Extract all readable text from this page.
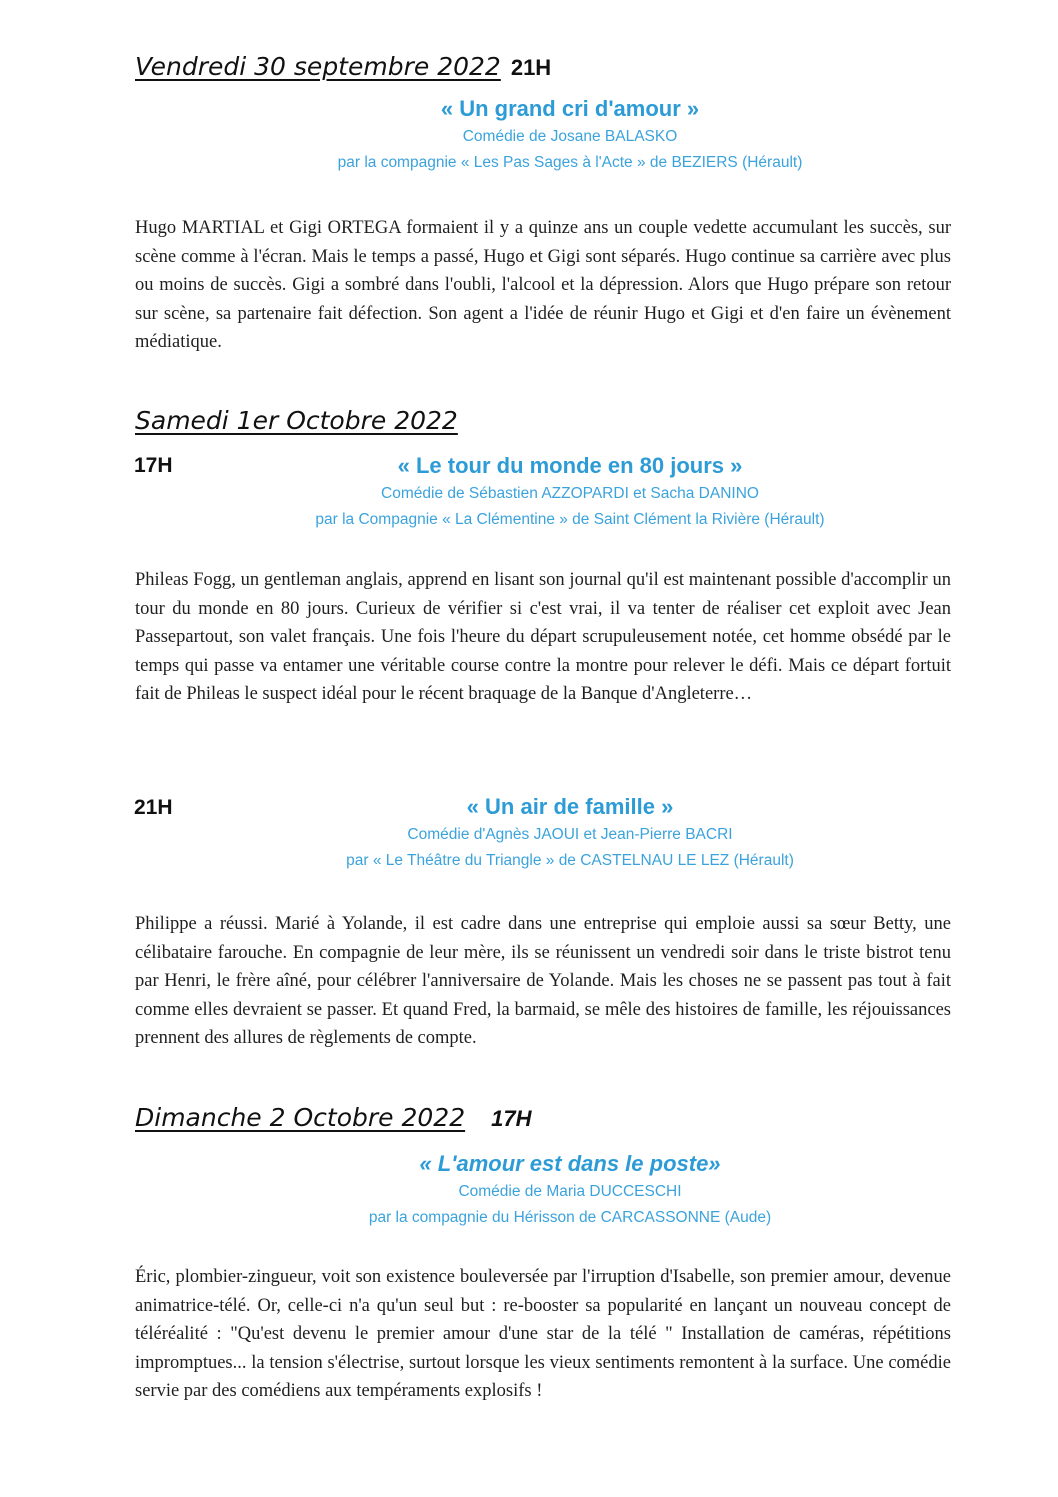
Vendredi 30 septembre 2022 21H
« Un grand cri d'amour »
Comédie de Josane BALASKO
par la compagnie « Les Pas Sages à l'Acte » de BEZIERS (Hérault)
Hugo MARTIAL et Gigi ORTEGA formaient il y a quinze ans un couple vedette accumulant les succès, sur scène comme à l'écran. Mais le temps a passé, Hugo et Gigi sont séparés. Hugo continue sa carrière avec plus ou moins de succès. Gigi a sombré dans l'oubli, l'alcool et la dépression. Alors que Hugo prépare son retour sur scène, sa partenaire fait défection. Son agent a l'idée de réunir Hugo et Gigi et d'en faire un évènement médiatique.
Samedi 1er Octobre 2022
17H	« Le tour du monde en 80 jours »
Comédie de Sébastien AZZOPARDI et Sacha DANINO
par la Compagnie « La Clémentine » de Saint Clément la Rivière (Hérault)
Phileas Fogg, un gentleman anglais, apprend en lisant son journal qu'il est maintenant possible d'accomplir un tour du monde en 80 jours. Curieux de vérifier si c'est vrai, il va tenter de réaliser cet exploit avec Jean Passepartout, son valet français. Une fois l'heure du départ scrupuleusement notée, cet homme obsédé par le temps qui passe va entamer une véritable course contre la montre pour relever le défi. Mais ce départ fortuit fait de Phileas le suspect idéal pour le récent braquage de la Banque d'Angleterre…
21H	« Un air de famille »
Comédie d'Agnès JAOUI et Jean-Pierre BACRI
par « Le Théâtre du Triangle » de CASTELNAU LE LEZ (Hérault)
Philippe a réussi. Marié à Yolande, il est cadre dans une entreprise qui emploie aussi sa sœur Betty, une célibataire farouche. En compagnie de leur mère, ils se réunissent un vendredi soir dans le triste bistrot tenu par Henri, le frère aîné, pour célébrer l'anniversaire de Yolande. Mais les choses ne se passent pas tout à fait comme elles devraient se passer. Et quand Fred, la barmaid, se mêle des histoires de famille, les réjouissances prennent des allures de règlements de compte.
Dimanche 2 Octobre 2022 17H
« L'amour est dans le poste»
Comédie de Maria DUCCESCHI
par la compagnie du Hérisson de CARCASSONNE (Aude)
Éric, plombier-zingueur, voit son existence bouleversée par l'irruption d'Isabelle, son premier amour, devenue animatrice-télé. Or, celle-ci n'a qu'un seul but : re-booster sa popularité en lançant un nouveau concept de téléréalité : "Qu'est devenu le premier amour d'une star de la télé " Installation de caméras, répétitions impromptues... la tension s'électrise, surtout lorsque les vieux sentiments remontent à la surface. Une comédie servie par des comédiens aux tempéraments explosifs !
